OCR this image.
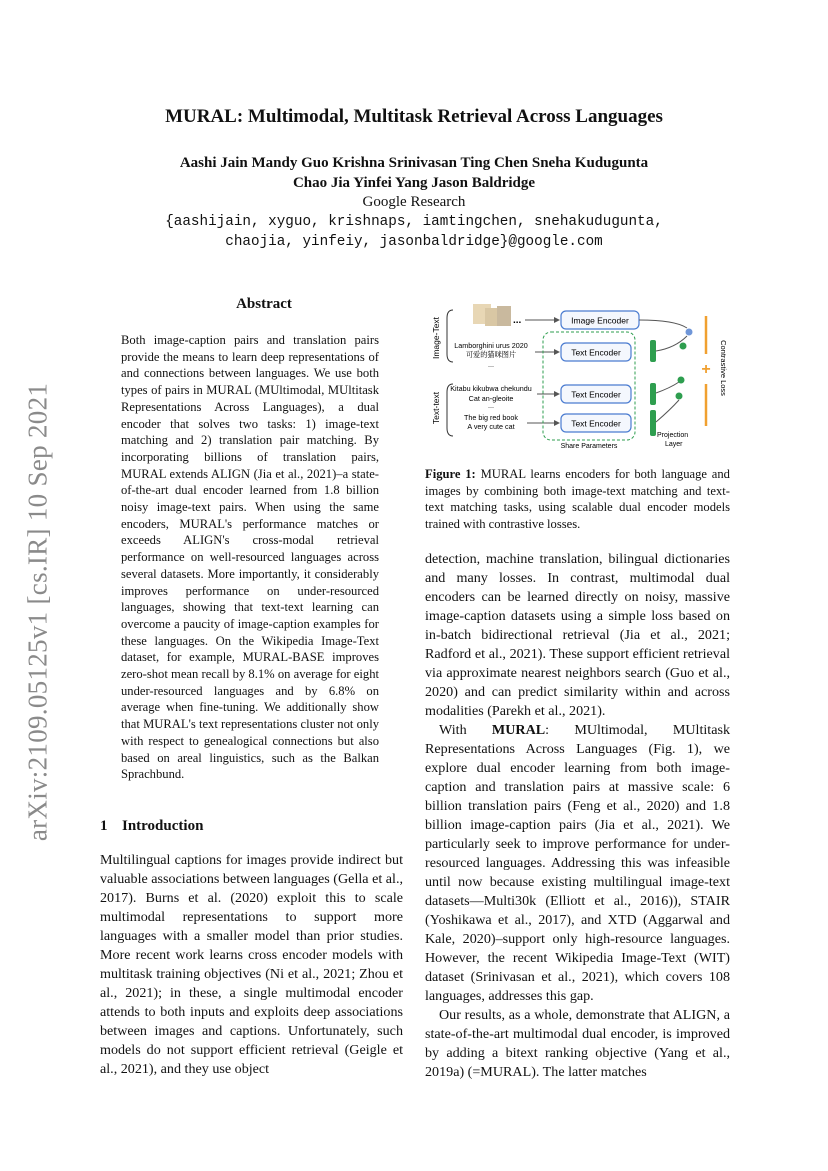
arXiv:2109.05125v1 [cs.IR] 10 Sep 2021
MURAL: Multimodal, Multitask Retrieval Across Languages
Aashi Jain Mandy Guo Krishna Srinivasan Ting Chen Sneha Kudugunta
Chao Jia Yinfei Yang Jason Baldridge
Google Research
{aashijain, xyguo, krishnaps, iamtingchen, snehakudugunta,
chaojia, yinfeiy, jasonbaldridge}@google.com
Abstract
Both image-caption pairs and translation pairs provide the means to learn deep representations of and connections between languages. We use both types of pairs in MURAL (MUltimodal, MUltitask Representations Across Languages), a dual encoder that solves two tasks: 1) image-text matching and 2) translation pair matching. By incorporating billions of translation pairs, MURAL extends ALIGN (Jia et al., 2021)–a state-of-the-art dual encoder learned from 1.8 billion noisy image-text pairs. When using the same encoders, MURAL's performance matches or exceeds ALIGN's cross-modal retrieval performance on well-resourced languages across several datasets. More importantly, it considerably improves performance on under-resourced languages, showing that text-text learning can overcome a paucity of image-caption examples for these languages. On the Wikipedia Image-Text dataset, for example, MURAL-BASE improves zero-shot mean recall by 8.1% on average for eight under-resourced languages and by 6.8% on average when fine-tuning. We additionally show that MURAL's text representations cluster not only with respect to genealogical connections but also based on areal linguistics, such as the Balkan Sprachbund.
1 Introduction
Multilingual captions for images provide indirect but valuable associations between languages (Gella et al., 2017). Burns et al. (2020) exploit this to scale multimodal representations to support more languages with a smaller model than prior studies. More recent work learns cross encoder models with multitask training objectives (Ni et al., 2021; Zhou et al., 2021); in these, a single multimodal encoder attends to both inputs and exploits deep associations between images and captions. Unfortunately, such models do not support efficient retrieval (Geigle et al., 2021), and they use object
Image-Text
Text-text
...
Lamborghini urus 2020
可爱的猫咪图片
...
Kitabu kikubwa chekundu
Cat an-gleoite
...
The big red book
A very cute cat
Share Parameters
Image Encoder
Text Encoder
Text Encoder
Text Encoder
Projection
Layer
+ Contrastive Loss
Figure 1: MURAL learns encoders for both language and images by combining both image-text matching and text-text matching tasks, using scalable dual encoder models trained with contrastive losses.

detection, machine translation, bilingual dictionaries and many losses. In contrast, multimodal dual encoders can be learned directly on noisy, massive image-caption datasets using a simple loss based on in-batch bidirectional retrieval (Jia et al., 2021; Radford et al., 2021). These support efficient retrieval via approximate nearest neighbors search (Guo et al., 2020) and can predict similarity within and across modalities (Parekh et al., 2021).

With MURAL: MUltimodal, MUltitask Representations Across Languages (Fig. 1), we explore dual encoder learning from both image-caption and translation pairs at massive scale: 6 billion translation pairs (Feng et al., 2020) and 1.8 billion image-caption pairs (Jia et al., 2021). We particularly seek to improve performance for under-resourced languages. Addressing this was infeasible until now because existing multilingual image-text datasets—Multi30k (Elliott et al., 2016)), STAIR (Yoshikawa et al., 2017), and XTD (Aggarwal and Kale, 2020)–support only high-resource languages. However, the recent Wikipedia Image-Text (WIT) dataset (Srinivasan et al., 2021), which covers 108 languages, addresses this gap.

Our results, as a whole, demonstrate that ALIGN, a state-of-the-art multimodal dual encoder, is improved by adding a bitext ranking objective (Yang et al., 2019a) (=MURAL). The latter matches
